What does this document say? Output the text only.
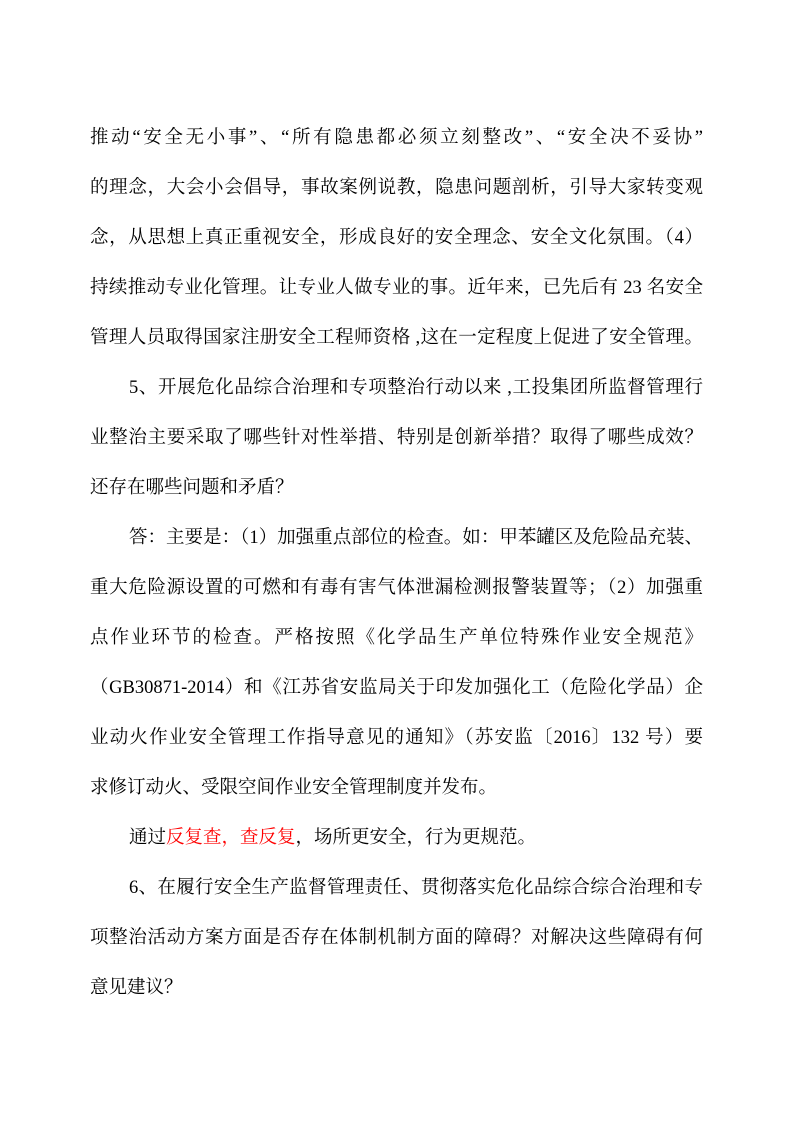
推动“安全无小事”、“所有隐患都必须立刻整改”、“安全决不妥协”
的理念，大会小会倡导，事故案例说教，隐患问题剖析，引导大家转变观
念，从思想上真正重视安全，形成良好的安全理念、安全文化氛围。（4）
持续推动专业化管理。让专业人做专业的事。近年来，已先后有 23 名安全
管理人员取得国家注册安全工程师资格 ,这在一定程度上促进了安全管理。
5、开展危化品综合治理和专项整治行动以来 ,工投集团所监督管理行
业整治主要采取了哪些针对性举措、特别是创新举措？取得了哪些成效？
还存在哪些问题和矛盾？
答：主要是：（1）加强重点部位的检查。如：甲苯罐区及危险品充装、
重大危险源设置的可燃和有毒有害气体泄漏检测报警装置等；（2）加强重
点作业环节的检查。严格按照《化学品生产单位特殊作业安全规范》
（GB30871-2014）和《江苏省安监局关于印发加强化工（危险化学品）企
业动火作业安全管理工作指导意见的通知》（苏安监〔2016〕132 号）要
求修订动火、受限空间作业安全管理制度并发布。
通过反复查，查反复，场所更安全，行为更规范。
6、在履行安全生产监督管理责任、贯彻落实危化品综合综合治理和专
项整治活动方案方面是否存在体制机制方面的障碍？对解决这些障碍有何
意见建议？
